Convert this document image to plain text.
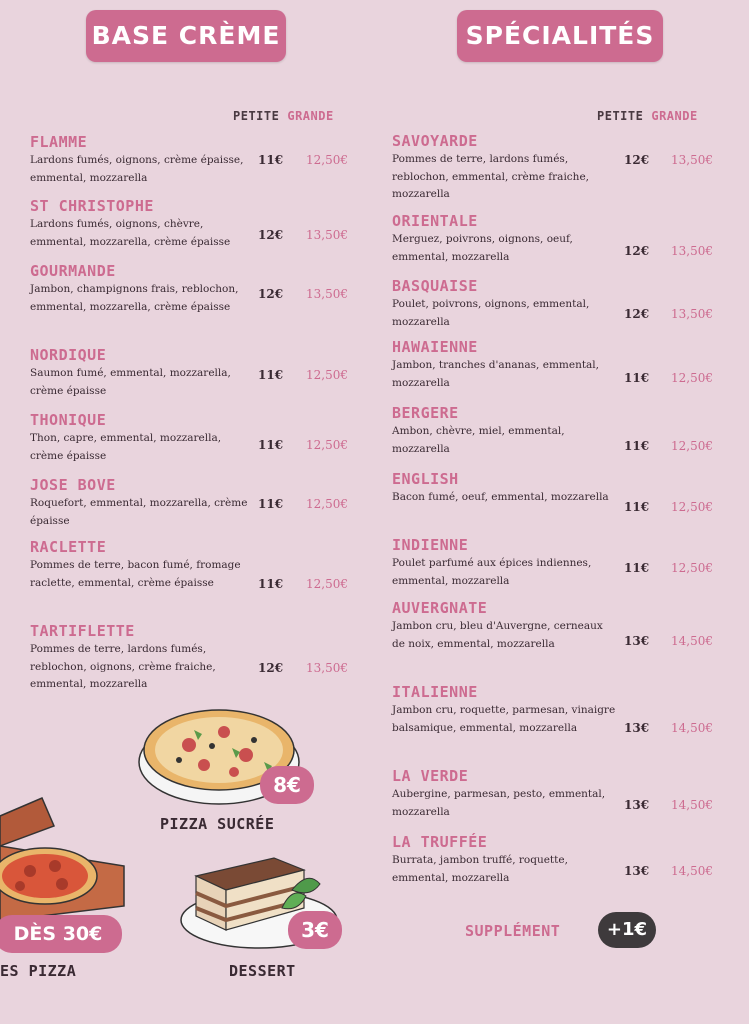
BASE CRÈME	SPÉCIALITÉS
PETITE GRANDE	PETITE GRANDE
FLAMME
Lardons fumés, oignons, crème épaisse, emmental, mozzarella
11€ 12,50€
ST CHRISTOPHE
Lardons fumés, oignons, chèvre, emmental, mozzarella, crème épaisse	12€ 13,50€
GOURMANDE
Jambon, champignons frais, reblochon, emmental, mozzarella, crème épaisse
12€ 13,50€
NORDIQUE
Saumon fumé, emmental, mozzarella, crème épaisse
11€ 12,50€
THONIQUE
Thon, capre, emmental, mozzarella, crème épaisse
11€ 12,50€
JOSE BOVE
Roquefort, emmental, mozzarella, crème épaisse
11€ 12,50€
RACLETTE
Pommes de terre, bacon fumé, fromage raclette, emmental, crème épaisse	11€ 12,50€
TARTIFLETTE
Pommes de terre, lardons fumés, reblochon, oignons, crème fraiche, emmental, mozzarella
12€ 13,50€
SAVOYARDE
Pommes de terre, lardons fumés, reblochon, emmental, crème fraiche, mozzarella
12€ 13,50€
ORIENTALE
Merguez, poivrons, oignons, oeuf, emmental, mozzarella	12€ 13,50€
BASQUAISE
Poulet, poivrons, oignons, emmental, mozzarella
12€ 13,50€
HAWAIENNE
Jambon, tranches d'ananas, emmental, mozzarella	11€ 12,50€
BERGERE
Ambon, chèvre, miel, emmental, mozzarella	11€ 12,50€
ENGLISH
Bacon fumé, oeuf, emmental, mozzarella
11€ 12,50€
INDIENNE
Poulet parfumé aux épices indiennes, emmental, mozzarella
11€ 12,50€
AUVERGNATE
Jambon cru, bleu d'Auvergne, cerneaux de noix, emmental, mozzarella	13€ 14,50€
ITALIENNE
Jambon cru, roquette, parmesan, vinaigre balsamique, emmental, mozzarella	13€ 14,50€
LA VERDE
Aubergine, parmesan, pesto, emmental, mozzarella	13€ 14,50€
LA TRUFFÉE
Burrata, jambon truffé, roquette, emmental, mozzarella	13€ 14,50€
8€
PIZZA SUCRÉE
DÈS 30€
ES PIZZA
3€
DESSERT
SUPPLÉMENT	+1€
